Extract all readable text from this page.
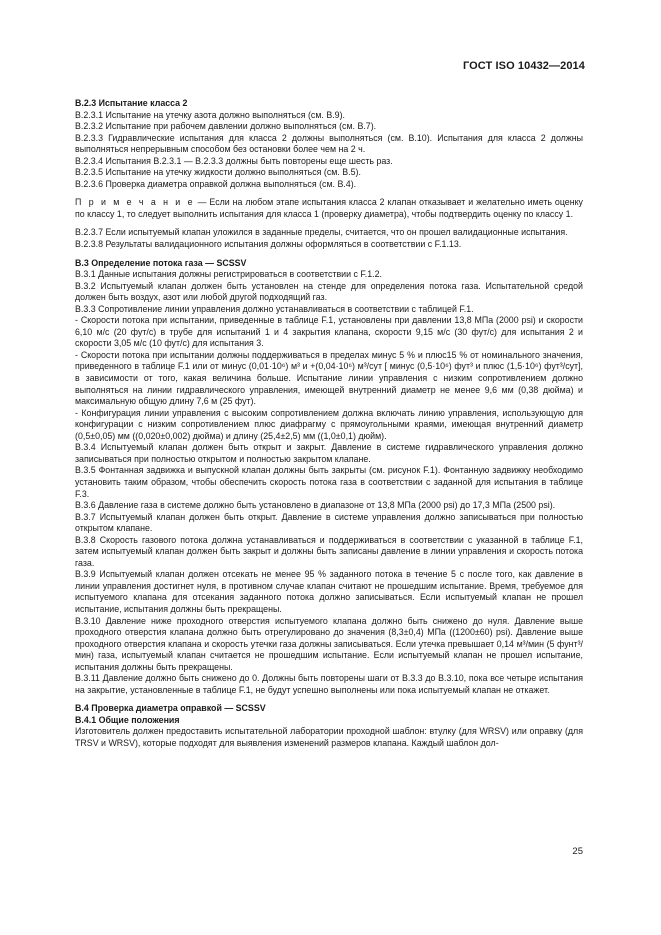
ГОСТ ISO 10432—2014

B.2.3 Испытание класса 2

B.2.3.1 Испытание на утечку азота должно выполняться (см. B.9).

B.2.3.2 Испытание при рабочем давлении должно выполняться (см. B.7).

B.2.3.3 Гидравлические испытания для класса 2 должны выполняться (см. B.10). Испытания для класса 2 должны выполняться непрерывным способом без остановки более чем на 2 ч.

B.2.3.4 Испытания B.2.3.1 — B.2.3.3 должны быть повторены еще шесть раз.

B.2.3.5 Испытание на утечку жидкости должно выполняться (см. B.5).

B.2.3.6 Проверка диаметра оправкой должна выполняться (см. B.4).

П р и м е ч а н и е — Если на любом этапе испытания класса 2 клапан отказывает и желательно иметь оценку по классу 1, то следует выполнить испытания для класса 1 (проверку диаметра), чтобы подтвердить оценку по классу 1.

B.2.3.7 Если испытуемый клапан уложился в заданные пределы, считается, что он прошел валидационные испытания.

B.2.3.8 Результаты валидационного испытания должны оформляться в соответствии с F.1.13.

B.3 Определение потока газа — SCSSV

B.3.1 Данные испытания должны регистрироваться в соответствии с F.1.2.

B.3.2 Испытуемый клапан должен быть установлен на стенде для определения потока газа. Испытательной средой должен быть воздух, азот или любой другой подходящий газ.

B.3.3 Сопротивление линии управления должно устанавливаться в соответствии с таблицей F.1.

- Скорости потока при испытании, приведенные в таблице F.1, установлены при давлении 13,8 МПа (2000 psi) и скорости 6,10 м/с (20 фут/с) в трубе для испытаний 1 и 4 закрытия клапана, скорости 9,15 м/с (30 фут/с) для испытания 2 и скорости 3,05 м/с (10 фут/с) для испытания 3.

- Скорости потока при испытании должны поддерживаться в пределах минус 5 % и плюс15 % от номинального значения, приведенного в таблице F.1 или от минус (0,01·10⁶) м³ и +(0,04·10⁶) м³/сут [ минус (0,5·10⁶) фут³ и плюс (1,5·10⁶) фут³/сут], в зависимости от того, какая величина больше. Испытание линии управления с низким сопротивлением должно выполняться на линии гидравлического управления, имеющей внутренний диаметр не менее 9,6 мм (0,38 дюйма) и максимальную общую длину 7,6 м (25 фут).

- Конфигурация линии управления с высоким сопротивлением должна включать линию управления, использующую для конфигурации с низким сопротивлением плюс диафрагму с прямоугольными краями, имеющая внутренний диаметр (0,5±0,05) мм ((0,020±0,002) дюйма) и длину (25,4±2,5) мм ((1,0±0,1) дюйм).

B.3.4 Испытуемый клапан должен быть открыт и закрыт. Давление в системе гидравлического управления должно записываться при полностью открытом и полностью закрытом клапане.

B.3.5 Фонтанная задвижка и выпускной клапан должны быть закрыты (см. рисунок F.1). Фонтанную задвижку необходимо установить таким образом, чтобы обеспечить скорость потока газа в соответствии с заданной для испытания в таблице F.3.

B.3.6 Давление газа в системе должно быть установлено в диапазоне от 13,8 МПа (2000 psi) до 17,3 МПа (2500 psi).

B.3.7 Испытуемый клапан должен быть открыт. Давление в системе управления должно записываться при полностью открытом клапане.

B.3.8 Скорость газового потока должна устанавливаться и поддерживаться в соответствии с указанной в таблице F.1, затем испытуемый клапан должен быть закрыт и должны быть записаны давление в линии управления и скорость потока газа.

B.3.9 Испытуемый клапан должен отсекать не менее 95 % заданного потока в течение 5 с после того, как давление в линии управления достигнет нуля, в противном случае клапан считают не прошедшим испытание. Время, требуемое для испытуемого клапана для отсекания заданного потока должно записываться. Если испытуемый клапан не прошел испытание, испытания должны быть прекращены.

B.3.10 Давление ниже проходного отверстия испытуемого клапана должно быть снижено до нуля. Давление выше проходного отверстия клапана должно быть отрегулировано до значения (8,3±0,4) МПа ((1200±60) psi). Давление выше проходного отверстия клапана и скорость утечки газа должны записываться. Если утечка превышает 0,14 м³/мин (5 фунт³/мин) газа, испытуемый клапан считается не прошедшим испытание. Если испытуемый клапан не прошел испытание, испытания должны быть прекращены.

B.3.11 Давление должно быть снижено до 0. Должны быть повторены шаги от B.3.3 до B.3.10, пока все четыре испытания на закрытие, установленные в таблице F.1, не будут успешно выполнены или пока испытуемый клапан не откажет.

B.4 Проверка диаметра оправкой — SCSSV

B.4.1 Общие положения

Изготовитель должен предоставить испытательной лаборатории проходной шаблон: втулку (для WRSV) или оправку (для TRSV и WRSV), которые подходят для выявления изменений размеров клапана. Каждый шаблон дол-

25
